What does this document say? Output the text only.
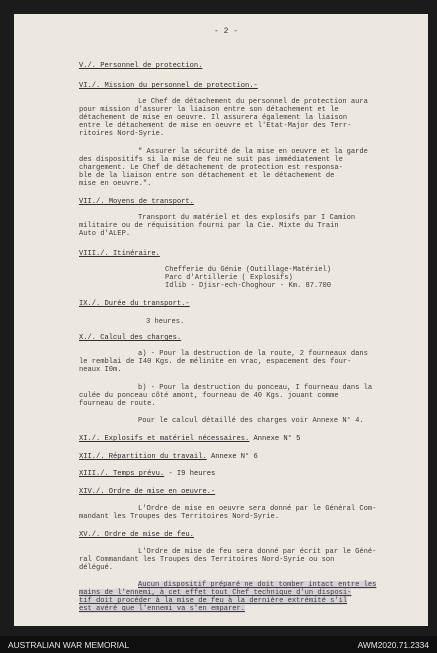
- 2 -
V./. Personnel de protection.
VI./. Mission du personnel de protection.-
Le Chef de détachement du personnel de protection aura
pour mission d'assurer la liaison entre son détachement et le
détachement de mise en oeuvre. Il assurera également la liaison
entre le détachement de mise en oeuvre et l'Etat-Major des Terr-
ritoires Nord-Syrie.
" Assurer la sécurité de la mise en oeuvre et la garde
des dispositifs si la mise de feu ne suit pas immédiatement le
chargement. Le Chef de détachement de protection est responsa-
ble de la liaison entre son détachement et le détachement de
mise en oeuvre.".
VII./. Moyens de transport.
Transport du matériel et des explosifs par I Camion
militaire ou de réquisition fourni par la Cie. Mixte du Train
Auto d'ALEP.
VIII./. Itinéraire.
Chefferie du Génie (Outillage-Matériel)
Parc d'Artillerie ( Explosifs)
Idlib - Djisr-ech-Choghour - Km. 87.700
IX./. Durée du transport.-
3 heures.
X./. Calcul des charges.
a) - Pour la destruction de la route, 2 fourneaux dans
le remblai de I40 Kgs. de mélinite en vrac, espacement des four-
neaux I0m.
b) - Pour la destruction du ponceau, I fourneau dans la
culée du ponceau côté amont, fourneau de 40 Kgs. jouant comme
fourneau de route.
Pour le calcul détaillé des charges voir Annexe N° 4.
XI./. Explosifs et matériel nécessaires. Annexe N° 5
XII./. Répartition du travail. Annexe N° 6
XIII./. Temps prévu. - I9 heures
XIV./. Ordre de mise en oeuvre.-
L'Ordre de mise en oeuvre sera donné par le Général Com-
mandant les Troupes des Territoires Nord-Syrie.
XV./. Ordre de mise de feu.
L'Ordre de mise de feu sera donné par écrit par le Géné-
ral Commandant les Troupes des Territoires Nord-Syrie ou son
délégué.
Aucun dispositif préparé ne doit tomber intact entre les
mains de l'ennemi, à cet effet tout Chef technique d'un disposi-
tif doit procéder à la mise de feu à la dernière extrémité s'il
est avéré que l'ennemi va s'en emparer.
AUSTRALIAN WAR MEMORIAL	AWM2020.71.2334
